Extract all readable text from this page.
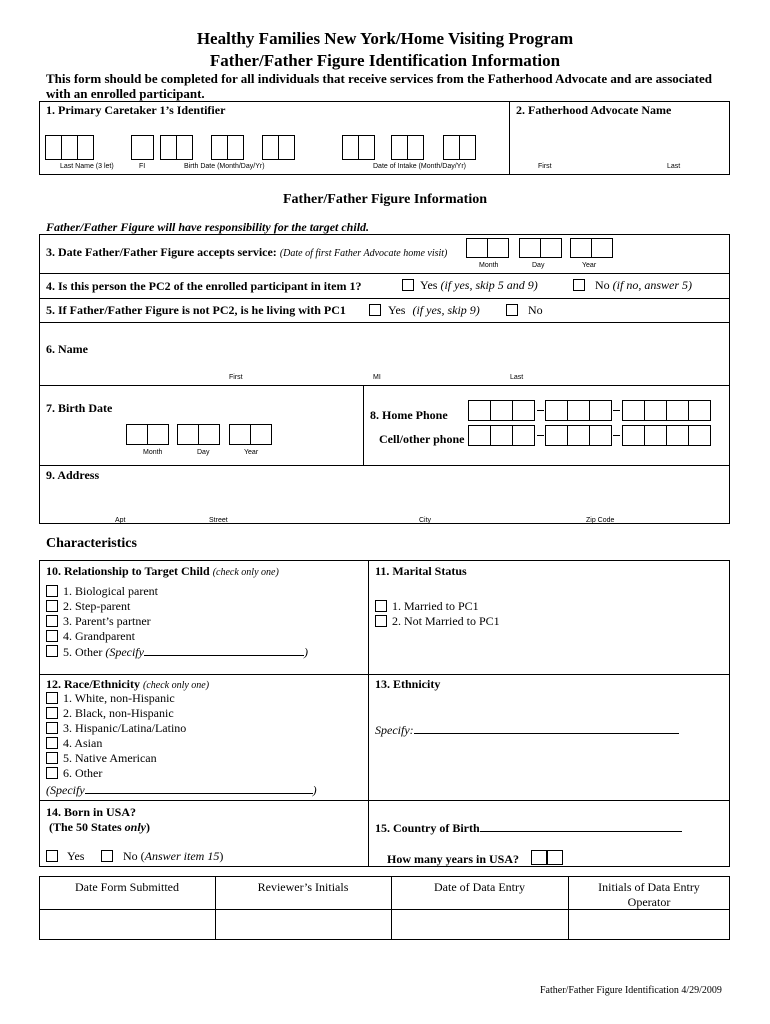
Healthy Families New York/Home Visiting Program
Father/Father Figure Identification Information
This form should be completed for all individuals that receive services from the Fatherhood Advocate and are associated with an enrolled participant.
1. Primary Caretaker 1’s Identifier	2. Fatherhood Advocate Name
Last Name (3 let)	FI	Birth Date (Month/Day/Yr)	Date of Intake (Month/Day/Yr)	First	Last
Father/Father Figure Information
Father/Father Figure will have responsibility for the target child.
3. Date Father/Father Figure accepts service: (Date of first Father Advocate home visit)
Month	Day	Year
4. Is this person the PC2 of the enrolled participant in item 1?	Yes (if yes, skip 5 and 9)	No (if no, answer 5)
5. If Father/Father Figure is not PC2, is he living with PC1	Yes (if yes, skip 9)	No
6. Name
First	MI	Last
7. Birth Date
Month	Day	Year
8. Home Phone
Cell/other phone
9. Address
Apt	Street	City	Zip Code
Characteristics
10. Relationship to Target Child (check only one)
1. Biological parent
2. Step-parent
3. Parent’s partner
4. Grandparent
5. Other (Specify	)
11. Marital Status
1. Married to PC1
2. Not Married to PC1
12. Race/Ethnicity (check only one)
1. White, non-Hispanic
2. Black, non-Hispanic
3. Hispanic/Latina/Latino
4. Asian
5. Native American
6. Other
(Specify	)
13. Ethnicity
Specify:
14. Born in USA?
(The 50 States only)
Yes	No (Answer item 15)
15. Country of Birth
How many years in USA?
Date Form Submitted	Reviewer’s Initials	Date of Data Entry	Initials of Data Entry Operator
Father/Father Figure Identification 4/29/2009
